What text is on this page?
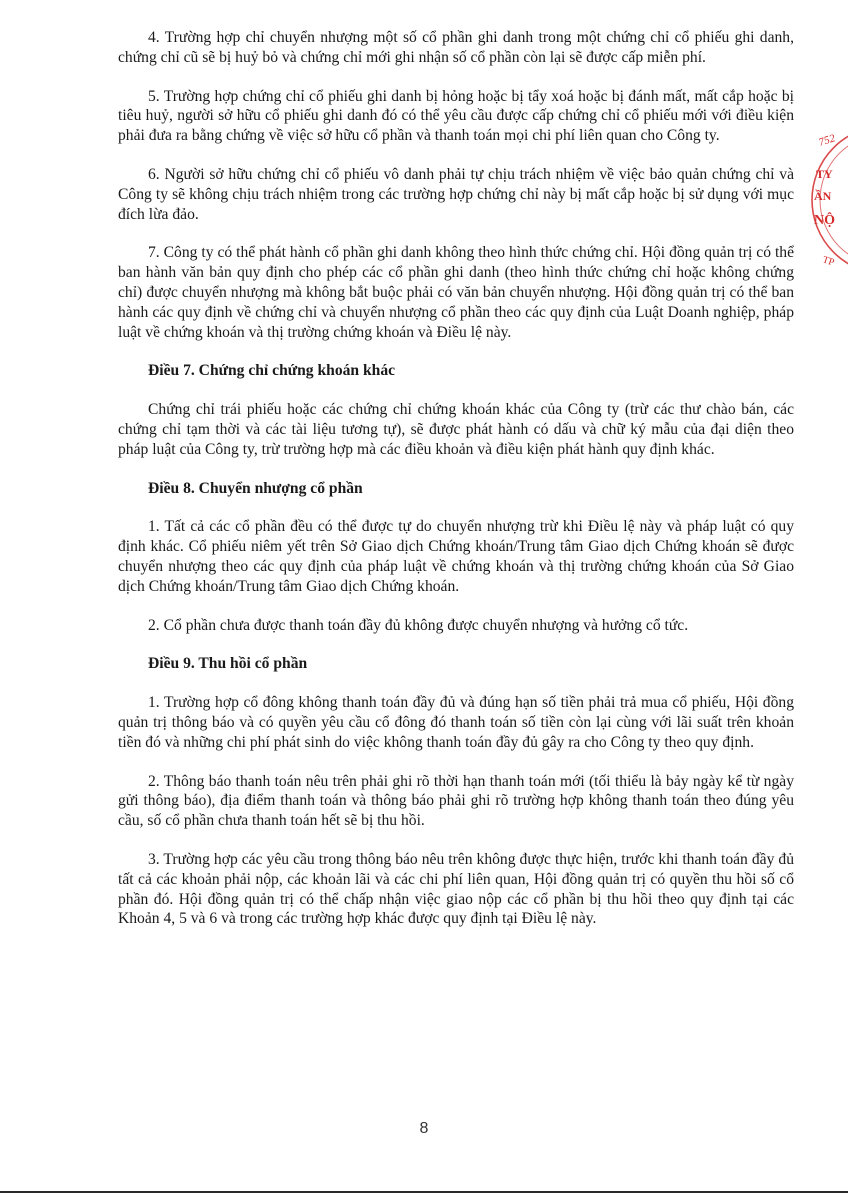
4. Trường hợp chỉ chuyển nhượng một số cổ phần ghi danh trong một chứng chỉ cổ phiếu ghi danh, chứng chỉ cũ sẽ bị huỷ bỏ và chứng chỉ mới ghi nhận số cổ phần còn lại sẽ được cấp miễn phí.

5. Trường hợp chứng chỉ cổ phiếu ghi danh bị hỏng hoặc bị tẩy xoá hoặc bị đánh mất, mất cắp hoặc bị tiêu huỷ, người sở hữu cổ phiếu ghi danh đó có thể yêu cầu được cấp chứng chỉ cổ phiếu mới với điều kiện phải đưa ra bằng chứng về việc sở hữu cổ phần và thanh toán mọi chi phí liên quan cho Công ty.

6. Người sở hữu chứng chỉ cổ phiếu vô danh phải tự chịu trách nhiệm về việc bảo quản chứng chỉ và Công ty sẽ không chịu trách nhiệm trong các trường hợp chứng chỉ này bị mất cắp hoặc bị sử dụng với mục đích lừa đảo.

7. Công ty có thể phát hành cổ phần ghi danh không theo hình thức chứng chỉ. Hội đồng quản trị có thể ban hành văn bản quy định cho phép các cổ phần ghi danh (theo hình thức chứng chỉ hoặc không chứng chỉ) được chuyển nhượng mà không bắt buộc phải có văn bản chuyển nhượng. Hội đồng quản trị có thể ban hành các quy định về chứng chỉ và chuyển nhượng cổ phần theo các quy định của Luật Doanh nghiệp, pháp luật về chứng khoán và thị trường chứng khoán và Điều lệ này.

Điều 7. Chứng chỉ chứng khoán khác

Chứng chỉ trái phiếu hoặc các chứng chỉ chứng khoán khác của Công ty (trừ các thư chào bán, các chứng chỉ tạm thời và các tài liệu tương tự), sẽ được phát hành có dấu và chữ ký mẫu của đại diện theo pháp luật của Công ty, trừ trường hợp mà các điều khoản và điều kiện phát hành quy định khác.

Điều 8. Chuyển nhượng cổ phần

1. Tất cả các cổ phần đều có thể được tự do chuyển nhượng trừ khi Điều lệ này và pháp luật có quy định khác. Cổ phiếu niêm yết trên Sở Giao dịch Chứng khoán/Trung tâm Giao dịch Chứng khoán sẽ được chuyển nhượng theo các quy định của pháp luật về chứng khoán và thị trường chứng khoán của Sở Giao dịch Chứng khoán/Trung tâm Giao dịch Chứng khoán.

2. Cổ phần chưa được thanh toán đầy đủ không được chuyển nhượng và hưởng cổ tức.

Điều 9. Thu hồi cổ phần

1. Trường hợp cổ đông không thanh toán đầy đủ và đúng hạn số tiền phải trả mua cổ phiếu, Hội đồng quản trị thông báo và có quyền yêu cầu cổ đông đó thanh toán số tiền còn lại cùng với lãi suất trên khoản tiền đó và những chi phí phát sinh do việc không thanh toán đầy đủ gây ra cho Công ty theo quy định.

2. Thông báo thanh toán nêu trên phải ghi rõ thời hạn thanh toán mới (tối thiểu là bảy ngày kể từ ngày gửi thông báo), địa điểm thanh toán và thông báo phải ghi rõ trường hợp không thanh toán theo đúng yêu cầu, số cổ phần chưa thanh toán hết sẽ bị thu hồi.

3. Trường hợp các yêu cầu trong thông báo nêu trên không được thực hiện, trước khi thanh toán đầy đủ tất cả các khoản phải nộp, các khoản lãi và các chi phí liên quan, Hội đồng quản trị có quyền thu hồi số cổ phần đó. Hội đồng quản trị có thể chấp nhận việc giao nộp các cổ phần bị thu hồi theo quy định tại các Khoản 4, 5 và 6 và trong các trường hợp khác được quy định tại Điều lệ này.

8
752
TY
ẦN
NỘ
TP
